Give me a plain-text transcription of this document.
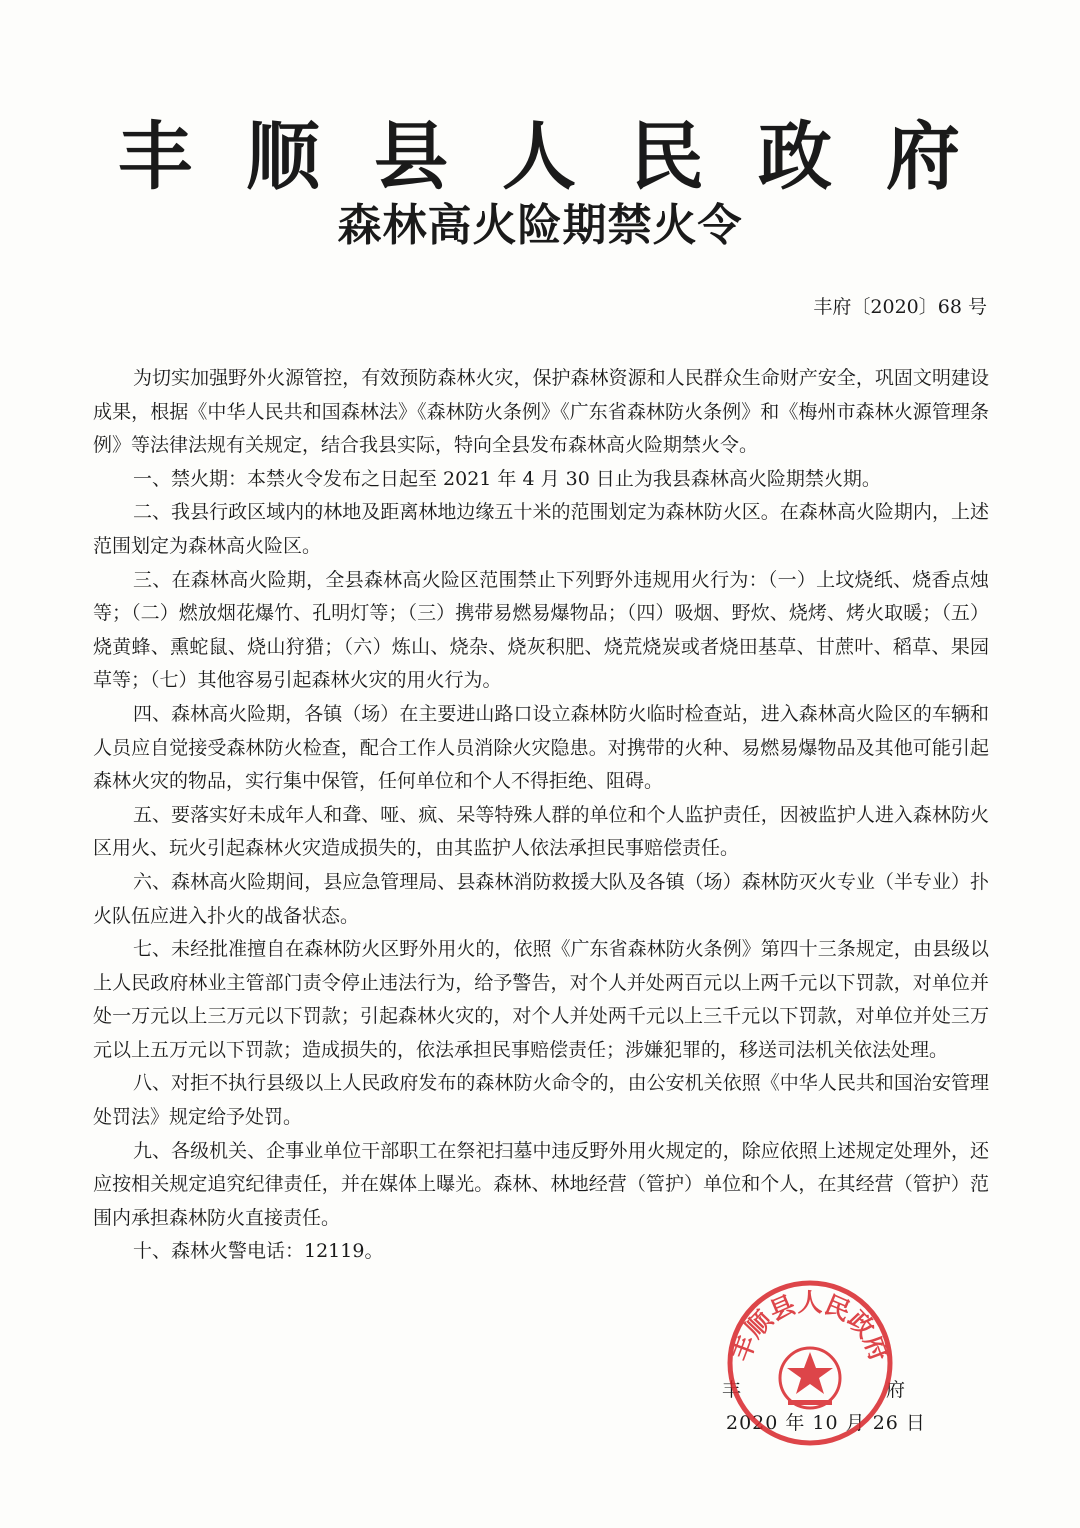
丰 顺 县 人 民 政 府
森林高火险期禁火令
丰府〔2020〕68 号

为切实加强野外火源管控，有效预防森林火灾，保护森林资源和人民群众生命财产安全，巩固文明建设成果，根据《中华人民共和国森林法》《森林防火条例》《广东省森林防火条例》和《梅州市森林火源管理条例》等法律法规有关规定，结合我县实际，特向全县发布森林高火险期禁火令。

一、禁火期：本禁火令发布之日起至 2021 年 4 月 30 日止为我县森林高火险期禁火期。

二、我县行政区域内的林地及距离林地边缘五十米的范围划定为森林防火区。在森林高火险期内，上述范围划定为森林高火险区。

三、在森林高火险期，全县森林高火险区范围禁止下列野外违规用火行为：（一）上坟烧纸、烧香点烛等；（二）燃放烟花爆竹、孔明灯等；（三）携带易燃易爆物品；（四）吸烟、野炊、烧烤、烤火取暖；（五）烧黄蜂、熏蛇鼠、烧山狩猎；（六）炼山、烧杂、烧灰积肥、烧荒烧炭或者烧田基草、甘蔗叶、稻草、果园草等；（七）其他容易引起森林火灾的用火行为。

四、森林高火险期，各镇（场）在主要进山路口设立森林防火临时检查站，进入森林高火险区的车辆和人员应自觉接受森林防火检查，配合工作人员消除火灾隐患。对携带的火种、易燃易爆物品及其他可能引起森林火灾的物品，实行集中保管，任何单位和个人不得拒绝、阻碍。

五、要落实好未成年人和聋、哑、疯、呆等特殊人群的单位和个人监护责任，因被监护人进入森林防火区用火、玩火引起森林火灾造成损失的，由其监护人依法承担民事赔偿责任。

六、森林高火险期间，县应急管理局、县森林消防救援大队及各镇（场）森林防灭火专业（半专业）扑火队伍应进入扑火的战备状态。

七、未经批准擅自在森林防火区野外用火的，依照《广东省森林防火条例》第四十三条规定，由县级以上人民政府林业主管部门责令停止违法行为，给予警告，对个人并处两百元以上两千元以下罚款，对单位并处一万元以上三万元以下罚款；引起森林火灾的，对个人并处两千元以上三千元以下罚款，对单位并处三万元以上五万元以下罚款；造成损失的，依法承担民事赔偿责任；涉嫌犯罪的，移送司法机关依法处理。

八、对拒不执行县级以上人民政府发布的森林防火命令的，由公安机关依照《中华人民共和国治安管理处罚法》规定给予处罚。

九、各级机关、企事业单位干部职工在祭祀扫墓中违反野外用火规定的，除应依照上述规定处理外，还应按相关规定追究纪律责任，并在媒体上曝光。森林、林地经营（管护）单位和个人，在其经营（管护）范围内承担森林防火直接责任。

十、森林火警电话：12119。

丰	府
2020 年 10 月 26 日
丰顺县人民政府
